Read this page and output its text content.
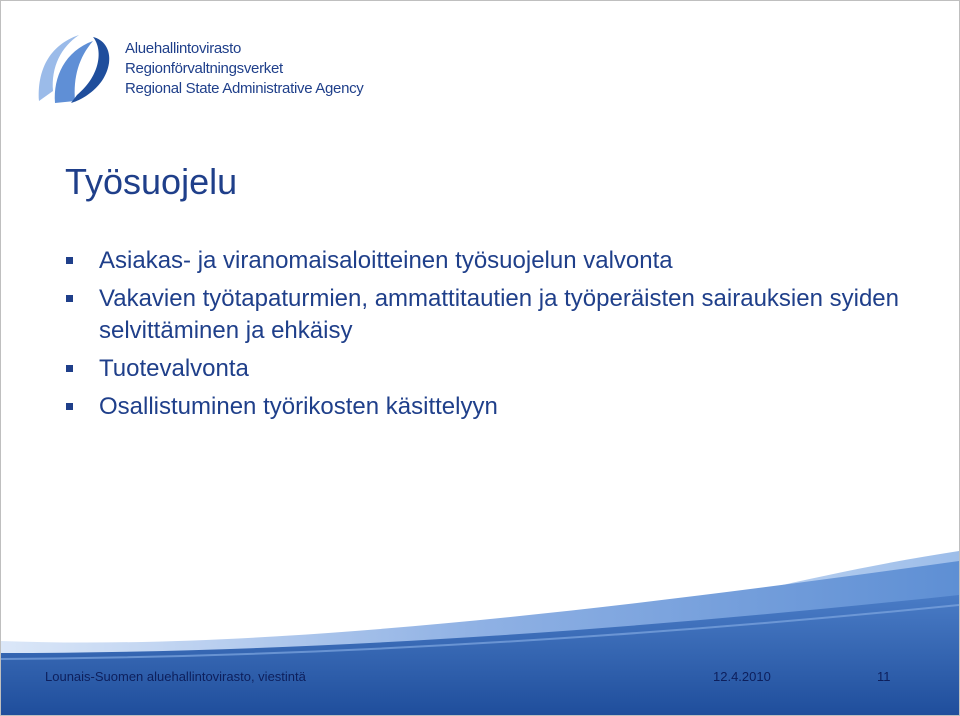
Aluehallintovirasto
Regionförvaltningsverket
Regional State Administrative Agency
Työsuojelu
Asiakas- ja viranomaisaloitteinen työsuojelun valvonta
Vakavien työtapaturmien, ammattitautien ja työperäisten sairauksien syiden selvittäminen ja ehkäisy
Tuotevalvonta
Osallistuminen työrikosten käsittelyyn
Lounais-Suomen aluehallintovirasto, viestintä	12.4.2010	11
